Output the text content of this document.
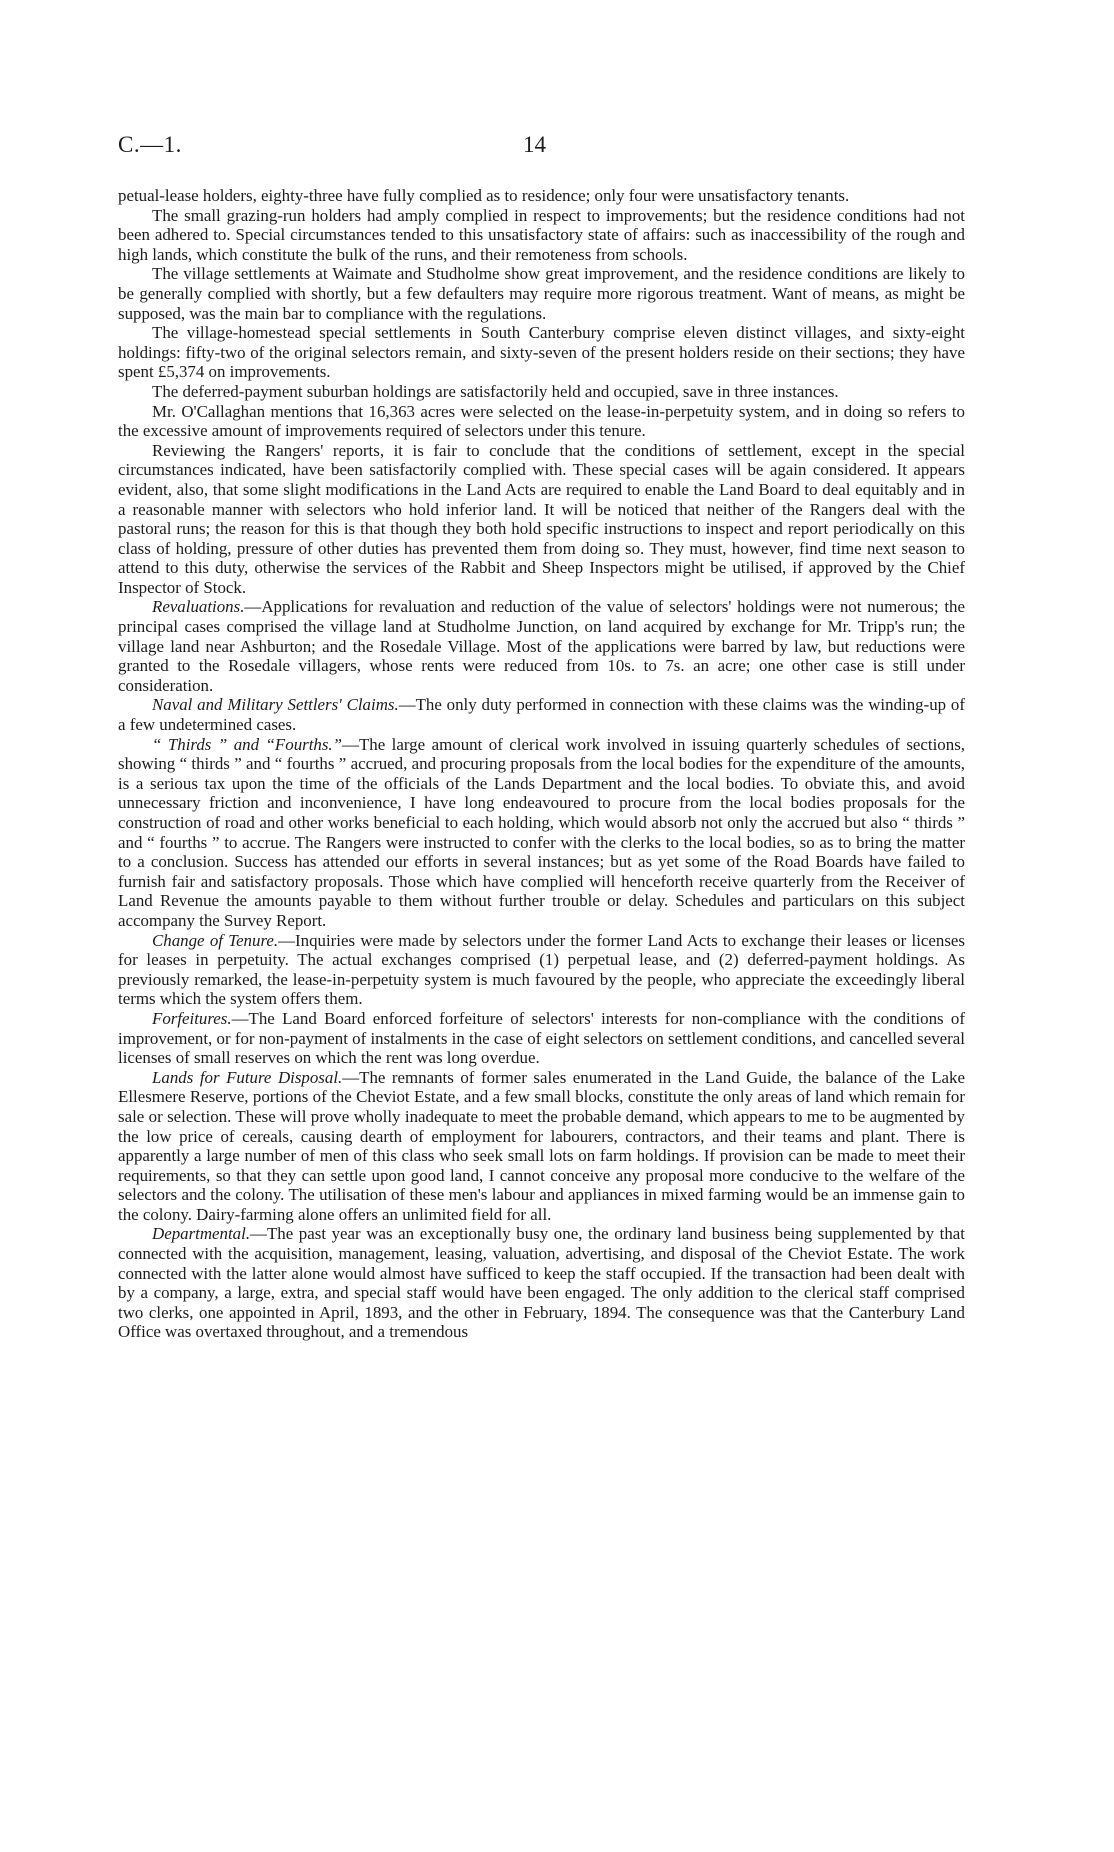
C.—1.	14

petual-lease holders, eighty-three have fully complied as to residence; only four were unsatisfactory tenants.

The small grazing-run holders had amply complied in respect to improvements; but the residence conditions had not been adhered to. Special circumstances tended to this unsatisfactory state of affairs: such as inaccessibility of the rough and high lands, which constitute the bulk of the runs, and their remoteness from schools.

The village settlements at Waimate and Studholme show great improvement, and the residence conditions are likely to be generally complied with shortly, but a few defaulters may require more rigorous treatment. Want of means, as might be supposed, was the main bar to compliance with the regulations.

The village-homestead special settlements in South Canterbury comprise eleven distinct villages, and sixty-eight holdings: fifty-two of the original selectors remain, and sixty-seven of the present holders reside on their sections; they have spent £5,374 on improvements.

The deferred-payment suburban holdings are satisfactorily held and occupied, save in three instances.

Mr. O'Callaghan mentions that 16,363 acres were selected on the lease-in-perpetuity system, and in doing so refers to the excessive amount of improvements required of selectors under this tenure.

Reviewing the Rangers' reports, it is fair to conclude that the conditions of settlement, except in the special circumstances indicated, have been satisfactorily complied with. These special cases will be again considered. It appears evident, also, that some slight modifications in the Land Acts are required to enable the Land Board to deal equitably and in a reasonable manner with selectors who hold inferior land. It will be noticed that neither of the Rangers deal with the pastoral runs; the reason for this is that though they both hold specific instructions to inspect and report periodically on this class of holding, pressure of other duties has prevented them from doing so. They must, however, find time next season to attend to this duty, otherwise the services of the Rabbit and Sheep Inspectors might be utilised, if approved by the Chief Inspector of Stock.

Revaluations.—Applications for revaluation and reduction of the value of selectors' holdings were not numerous; the principal cases comprised the village land at Studholme Junction, on land acquired by exchange for Mr. Tripp's run; the village land near Ashburton; and the Rosedale Village. Most of the applications were barred by law, but reductions were granted to the Rosedale villagers, whose rents were reduced from 10s. to 7s. an acre; one other case is still under consideration.

Naval and Military Settlers' Claims.—The only duty performed in connection with these claims was the winding-up of a few undetermined cases.

“ Thirds ” and “Fourths.”—The large amount of clerical work involved in issuing quarterly schedules of sections, showing “ thirds ” and “ fourths ” accrued, and procuring proposals from the local bodies for the expenditure of the amounts, is a serious tax upon the time of the officials of the Lands Department and the local bodies. To obviate this, and avoid unnecessary friction and inconvenience, I have long endeavoured to procure from the local bodies proposals for the construction of road and other works beneficial to each holding, which would absorb not only the accrued but also “ thirds ” and “ fourths ” to accrue. The Rangers were instructed to confer with the clerks to the local bodies, so as to bring the matter to a conclusion. Success has attended our efforts in several instances; but as yet some of the Road Boards have failed to furnish fair and satisfactory proposals. Those which have complied will henceforth receive quarterly from the Receiver of Land Revenue the amounts payable to them without further trouble or delay. Schedules and particulars on this subject accompany the Survey Report.

Change of Tenure.—Inquiries were made by selectors under the former Land Acts to exchange their leases or licenses for leases in perpetuity. The actual exchanges comprised (1) perpetual lease, and (2) deferred-payment holdings. As previously remarked, the lease-in-perpetuity system is much favoured by the people, who appreciate the exceedingly liberal terms which the system offers them.

Forfeitures.—The Land Board enforced forfeiture of selectors' interests for non-compliance with the conditions of improvement, or for non-payment of instalments in the case of eight selectors on settlement conditions, and cancelled several licenses of small reserves on which the rent was long overdue.

Lands for Future Disposal.—The remnants of former sales enumerated in the Land Guide, the balance of the Lake Ellesmere Reserve, portions of the Cheviot Estate, and a few small blocks, constitute the only areas of land which remain for sale or selection. These will prove wholly inadequate to meet the probable demand, which appears to me to be augmented by the low price of cereals, causing dearth of employment for labourers, contractors, and their teams and plant. There is apparently a large number of men of this class who seek small lots on farm holdings. If provision can be made to meet their requirements, so that they can settle upon good land, I cannot conceive any proposal more conducive to the welfare of the selectors and the colony. The utilisation of these men's labour and appliances in mixed farming would be an immense gain to the colony. Dairy-farming alone offers an unlimited field for all.

Departmental.—The past year was an exceptionally busy one, the ordinary land business being supplemented by that connected with the acquisition, management, leasing, valuation, advertising, and disposal of the Cheviot Estate. The work connected with the latter alone would almost have sufficed to keep the staff occupied. If the transaction had been dealt with by a company, a large, extra, and special staff would have been engaged. The only addition to the clerical staff comprised two clerks, one appointed in April, 1893, and the other in February, 1894. The consequence was that the Canterbury Land Office was overtaxed throughout, and a tremendous
